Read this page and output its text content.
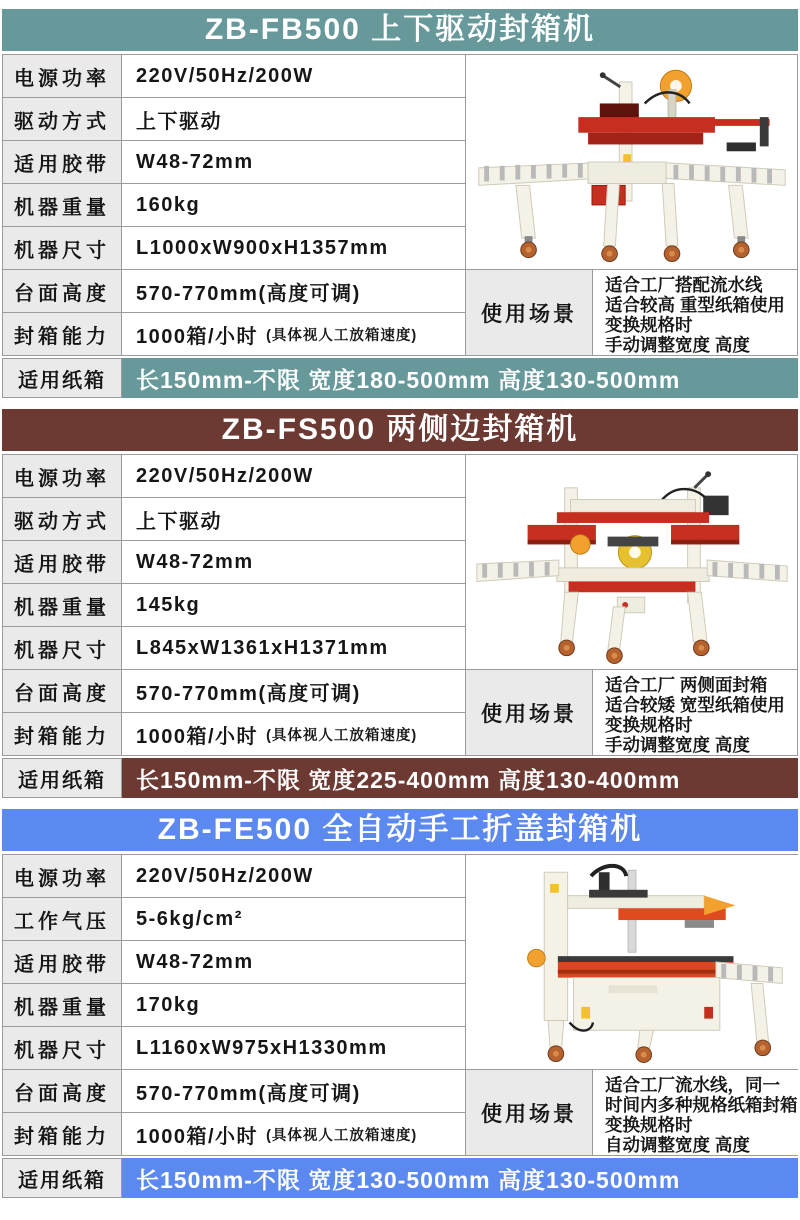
ZB-FB500 上下驱动封箱机
使用场景
适合工厂搭配流水线
适合较高 重型纸箱使用
变换规格时
手动调整宽度 高度
电源功率	220V/50Hz/200W
驱动方式	上下驱动
适用胶带	W48-72mm
机器重量	160kg
机器尺寸	L1000xW900xH1357mm
台面高度	570-770mm(高度可调)
封箱能力	1000箱/小时 (具体视人工放箱速度)
适用纸箱	长150mm-不限 宽度180-500mm 高度130-500mm
ZB-FS500 两侧边封箱机
使用场景
适合工厂 两侧面封箱
适合较矮 宽型纸箱使用
变换规格时
手动调整宽度 高度
电源功率	220V/50Hz/200W
驱动方式	上下驱动
适用胶带	W48-72mm
机器重量	145kg
机器尺寸	L845xW1361xH1371mm
台面高度	570-770mm(高度可调)
封箱能力	1000箱/小时 (具体视人工放箱速度)
适用纸箱	长150mm-不限 宽度225-400mm 高度130-400mm
ZB-FE500 全自动手工折盖封箱机
使用场景
适合工厂流水线，同一
时间内多种规格纸箱封箱
变换规格时
自动调整宽度 高度
电源功率	220V/50Hz/200W
工作气压	5-6kg/cm²
适用胶带	W48-72mm
机器重量	170kg
机器尺寸	L1160xW975xH1330mm
台面高度	570-770mm(高度可调)
封箱能力	1000箱/小时 (具体视人工放箱速度)
适用纸箱	长150mm-不限 宽度130-500mm 高度130-500mm
